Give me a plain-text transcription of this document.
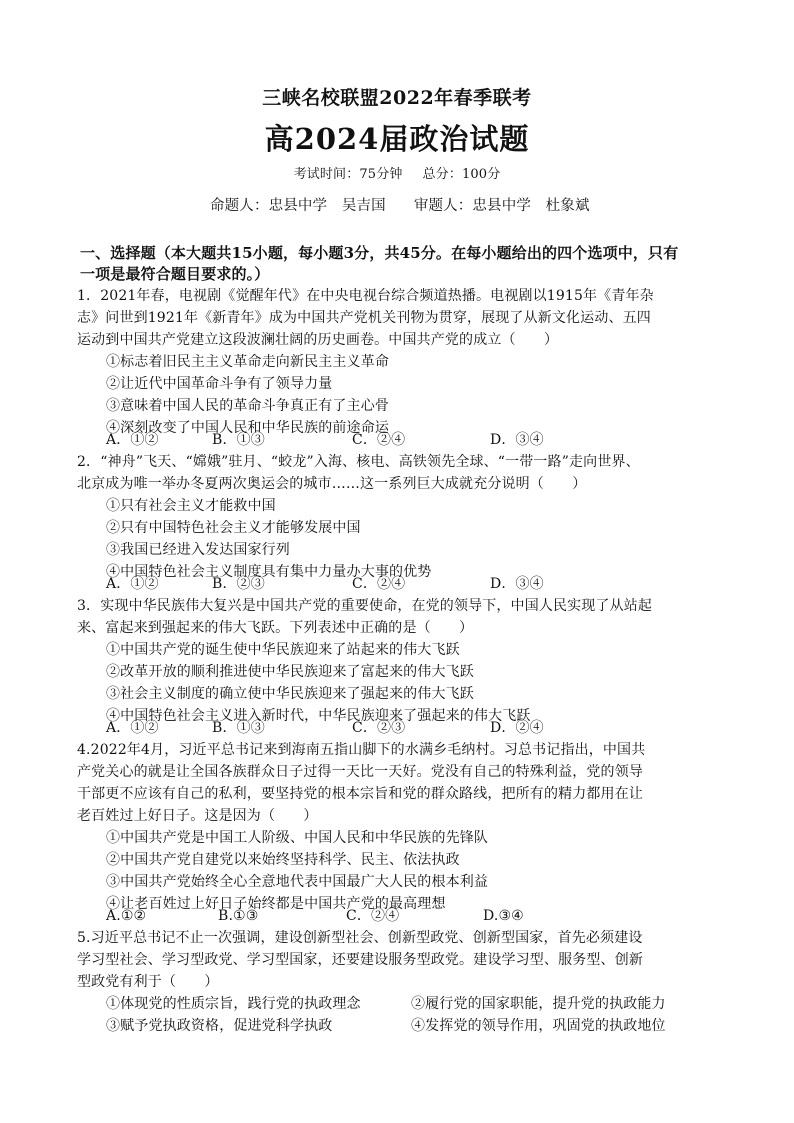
三峡名校联盟2022年春季联考
高2024届政治试题
考试时间：75分钟 总分：100分
命题人：忠县中学　吴吉国 审题人：忠县中学　杜象斌
一、选择题（本大题共15小题，每小题3分，共45分。在每小题给出的四个选项中，只有
一项是最符合题目要求的。）
1．2021年春，电视剧《觉醒年代》在中央电视台综合频道热播。电视剧以1915年《青年杂
志》问世到1921年《新青年》成为中国共产党机关刊物为贯穿，展现了从新文化运动、五四
运动到中国共产党建立这段波澜壮阔的历史画卷。中国共产党的成立（　　）
①标志着旧民主主义革命走向新民主主义革命
②让近代中国革命斗争有了领导力量
③意味着中国人民的革命斗争真正有了主心骨
④深刻改变了中国人民和中华民族的前途命运
A．①②	B．①③	C．②④	D．③④
2．“神舟”飞天、“嫦娥”驻月、“蛟龙”入海、核电、高铁领先全球、“一带一路”走向世界、
北京成为唯一举办冬夏两次奥运会的城市……这一系列巨大成就充分说明（　　）
①只有社会主义才能救中国
②只有中国特色社会主义才能够发展中国
③我国已经进入发达国家行列
④中国特色社会主义制度具有集中力量办大事的优势
A．①②	B．②③	C．②④	D．③④
3．实现中华民族伟大复兴是中国共产党的重要使命，在党的领导下，中国人民实现了从站起
来、富起来到强起来的伟大飞跃。下列表述中正确的是（　　）
①中国共产党的诞生使中华民族迎来了站起来的伟大飞跃
②改革开放的顺利推进使中华民族迎来了富起来的伟大飞跃
③社会主义制度的确立使中华民族迎来了强起来的伟大飞跃
④中国特色社会主义进入新时代，中华民族迎来了强起来的伟大飞跃
A．①②	B．①③	C．②③	D．②④
4.2022年4月，习近平总书记来到海南五指山脚下的水满乡毛纳村。习总书记指出，中国共
产党关心的就是让全国各族群众日子过得一天比一天好。党没有自己的特殊利益，党的领导
干部更不应该有自己的私利，要坚持党的根本宗旨和党的群众路线，把所有的精力都用在让
老百姓过上好日子。这是因为（　　）
①中国共产党是中国工人阶级、中国人民和中华民族的先锋队
②中国共产党自建党以来始终坚持科学、民主、依法执政
③中国共产党始终全心全意地代表中国最广大人民的根本利益
④让老百姓过上好日子始终都是中国共产党的最高理想
A.①②	B.①③	C．②④	D.③④
5.习近平总书记不止一次强调，建设创新型社会、创新型政党、创新型国家，首先必须建设
学习型社会、学习型政党、学习型国家，还要建设服务型政党。建设学习型、服务型、创新
型政党有利于（　　）
①体现党的性质宗旨，践行党的执政理念	②履行党的国家职能，提升党的执政能力
③赋予党执政资格，促进党科学执政	④发挥党的领导作用，巩固党的执政地位
